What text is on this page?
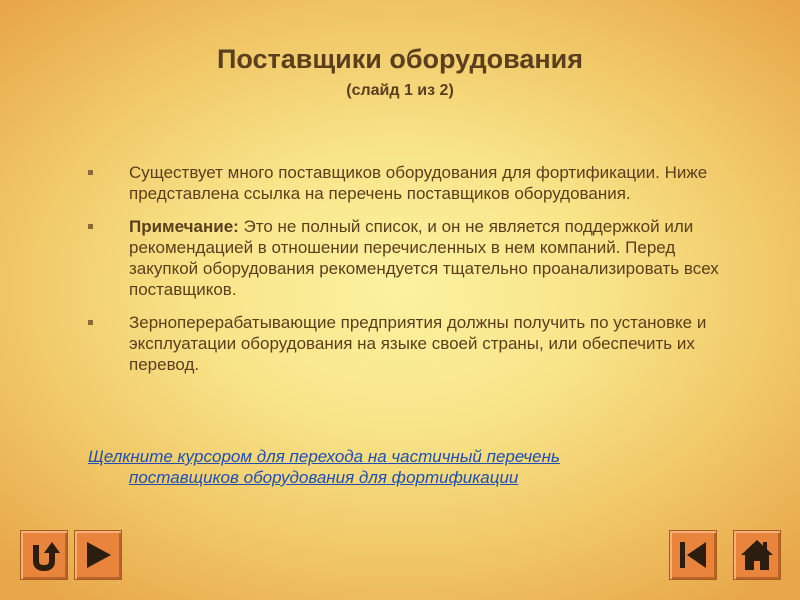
Поставщики оборудования
(слайд 1 из 2)
Существует много поставщиков оборудования для фортификации. Ниже представлена ссылка на перечень поставщиков оборудования.
Примечание: Это не полный список, и он не является поддержкой или рекомендацией в отношении перечисленных в нем компаний. Перед закупкой оборудования рекомендуется тщательно проанализировать всех поставщиков.
Зерноперерабатывающие предприятия должны получить по установке и эксплуатации оборудования на языке своей страны, или обеспечить их перевод.
Щелкните курсором для перехода на частичный перечень
поставщиков оборудования для фортификации
